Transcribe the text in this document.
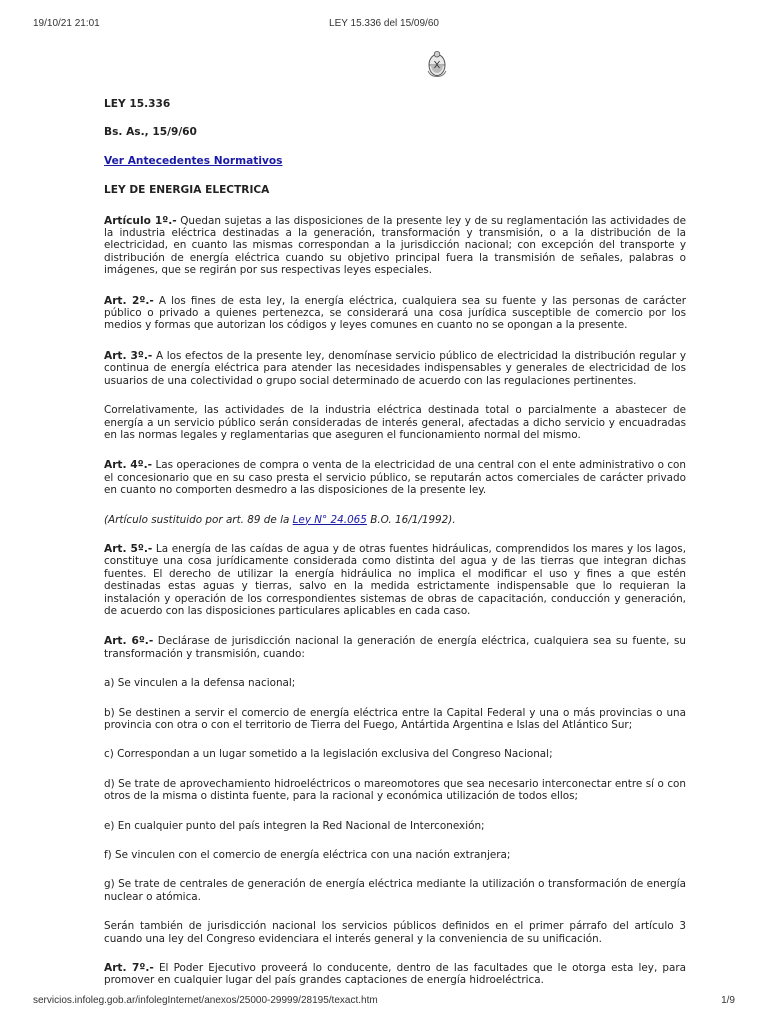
19/10/21 21:01	LEY 15.336 del 15/09/60

LEY 15.336

Bs. As., 15/9/60

Ver Antecedentes Normativos

LEY DE ENERGIA ELECTRICA

Artículo 1º.- Quedan sujetas a las disposiciones de la presente ley y de su reglamentación las actividades de la industria eléctrica destinadas a la generación, transformación y transmisión, o a la distribución de la electricidad, en cuanto las mismas correspondan a la jurisdicción nacional; con excepción del transporte y distribución de energía eléctrica cuando su objetivo principal fuera la transmisión de señales, palabras o imágenes, que se regirán por sus respectivas leyes especiales.

Art. 2º.- A los fines de esta ley, la energía eléctrica, cualquiera sea su fuente y las personas de carácter público o privado a quienes pertenezca, se considerará una cosa jurídica susceptible de comercio por los medios y formas que autorizan los códigos y leyes comunes en cuanto no se opongan a la presente.

Art. 3º.- A los efectos de la presente ley, denomínase servicio público de electricidad la distribución regular y continua de energía eléctrica para atender las necesidades indispensables y generales de electricidad de los usuarios de una colectividad o grupo social determinado de acuerdo con las regulaciones pertinentes.

Correlativamente, las actividades de la industria eléctrica destinada total o parcialmente a abastecer de energía a un servicio público serán consideradas de interés general, afectadas a dicho servicio y encuadradas en las normas legales y reglamentarias que aseguren el funcionamiento normal del mismo.

Art. 4º.- Las operaciones de compra o venta de la electricidad de una central con el ente administrativo o con el concesionario que en su caso presta el servicio público, se reputarán actos comerciales de carácter privado en cuanto no comporten desmedro a las disposiciones de la presente ley.

(Artículo sustituido por art. 89 de la Ley N° 24.065 B.O. 16/1/1992).

Art. 5º.- La energía de las caídas de agua y de otras fuentes hidráulicas, comprendidos los mares y los lagos, constituye una cosa jurídicamente considerada como distinta del agua y de las tierras que integran dichas fuentes. El derecho de utilizar la energía hidráulica no implica el modificar el uso y fines a que estén destinadas estas aguas y tierras, salvo en la medida estrictamente indispensable que lo requieran la instalación y operación de los correspondientes sistemas de obras de capacitación, conducción y generación, de acuerdo con las disposiciones particulares aplicables en cada caso.

Art. 6º.- Declárase de jurisdicción nacional la generación de energía eléctrica, cualquiera sea su fuente, su transformación y transmisión, cuando:

a) Se vinculen a la defensa nacional;

b) Se destinen a servir el comercio de energía eléctrica entre la Capital Federal y una o más provincias o una provincia con otra o con el territorio de Tierra del Fuego, Antártida Argentina e Islas del Atlántico Sur;

c) Correspondan a un lugar sometido a la legislación exclusiva del Congreso Nacional;

d) Se trate de aprovechamiento hidroeléctricos o mareomotores que sea necesario interconectar entre sí o con otros de la misma o distinta fuente, para la racional y económica utilización de todos ellos;

e) En cualquier punto del país integren la Red Nacional de Interconexión;

f) Se vinculen con el comercio de energía eléctrica con una nación extranjera;

g) Se trate de centrales de generación de energía eléctrica mediante la utilización o transformación de energía nuclear o atómica.

Serán también de jurisdicción nacional los servicios públicos definidos en el primer párrafo del artículo 3 cuando una ley del Congreso evidenciara el interés general y la conveniencia de su unificación.

Art. 7º.- El Poder Ejecutivo proveerá lo conducente, dentro de las facultades que le otorga esta ley, para promover en cualquier lugar del país grandes captaciones de energía hidroeléctrica.

servicios.infoleg.gob.ar/infolegInternet/anexos/25000-29999/28195/texact.htm	1/9
